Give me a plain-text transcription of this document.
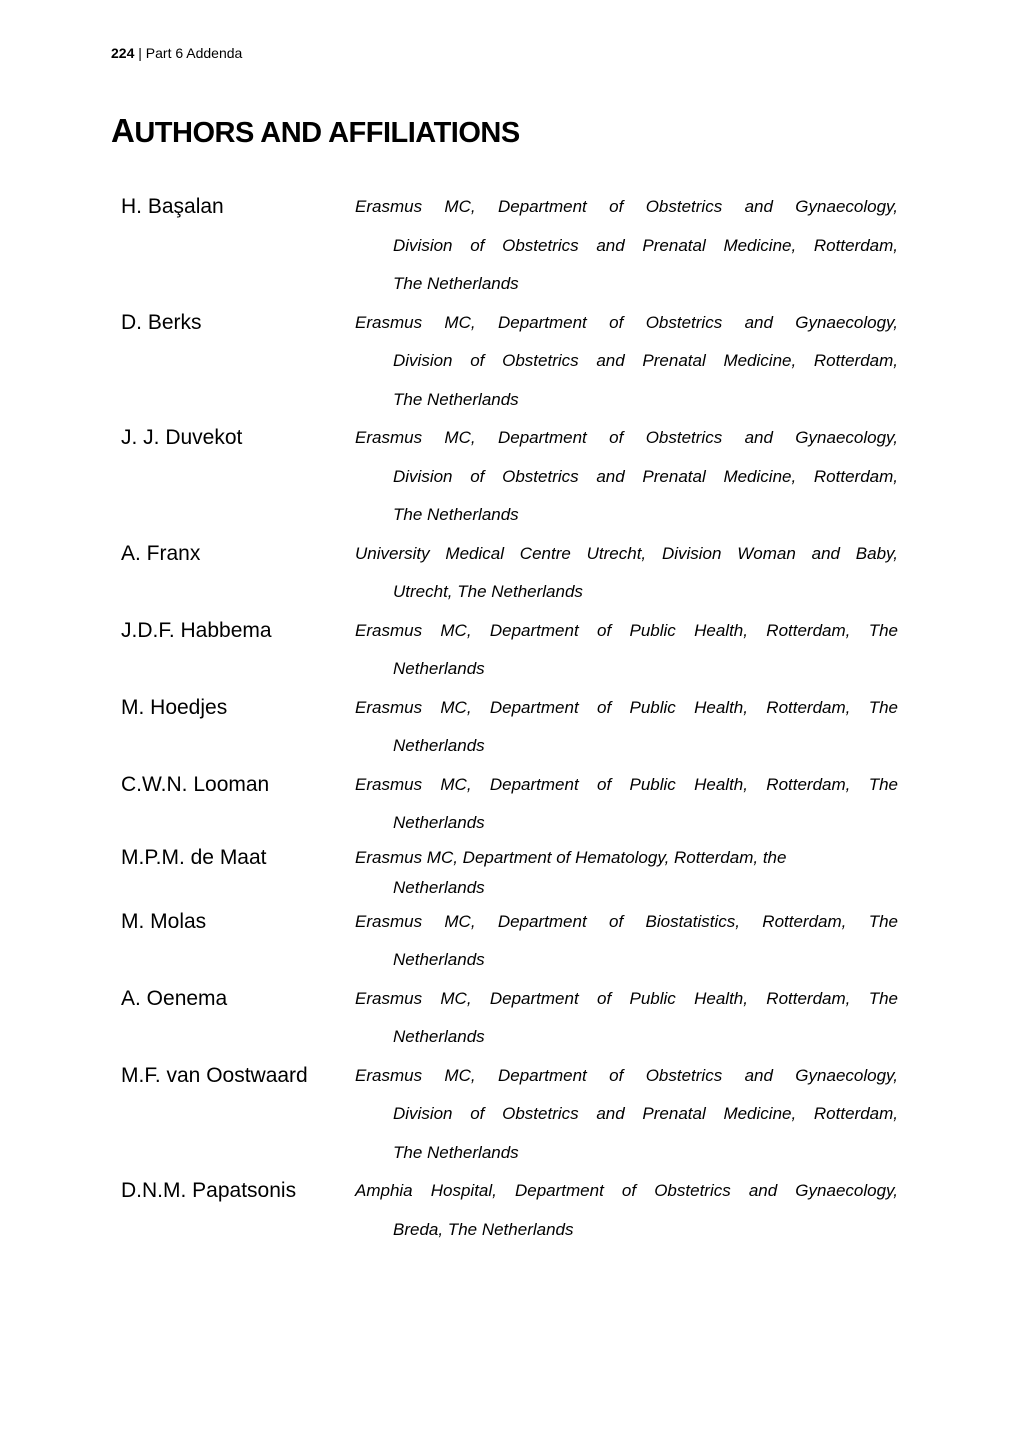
224 | Part 6 Addenda
AUTHORS AND AFFILIATIONS
H. Başalan	Erasmus MC, Department of Obstetrics and Gynaecology,
Division of Obstetrics and Prenatal Medicine, Rotterdam,
The Netherlands
D. Berks	Erasmus MC, Department of Obstetrics and Gynaecology,
Division of Obstetrics and Prenatal Medicine, Rotterdam,
The Netherlands
J. J. Duvekot	Erasmus MC, Department of Obstetrics and Gynaecology,
Division of Obstetrics and Prenatal Medicine, Rotterdam,
The Netherlands
A. Franx	University Medical Centre Utrecht, Division Woman and Baby,
Utrecht, The Netherlands
J.D.F. Habbema	Erasmus MC, Department of Public Health, Rotterdam, The
Netherlands
M. Hoedjes	Erasmus MC, Department of Public Health, Rotterdam, The
Netherlands
C.W.N. Looman	Erasmus MC, Department of Public Health, Rotterdam, The
Netherlands
M.P.M. de Maat	Erasmus MC, Department of Hematology, Rotterdam, the
Netherlands
M. Molas	Erasmus MC, Department of Biostatistics, Rotterdam, The
Netherlands
A. Oenema	Erasmus MC, Department of Public Health, Rotterdam, The
Netherlands
M.F. van Oostwaard	Erasmus MC, Department of Obstetrics and Gynaecology,
Division of Obstetrics and Prenatal Medicine, Rotterdam,
The Netherlands
D.N.M. Papatsonis	Amphia Hospital, Department of Obstetrics and Gynaecology,
Breda, The Netherlands
